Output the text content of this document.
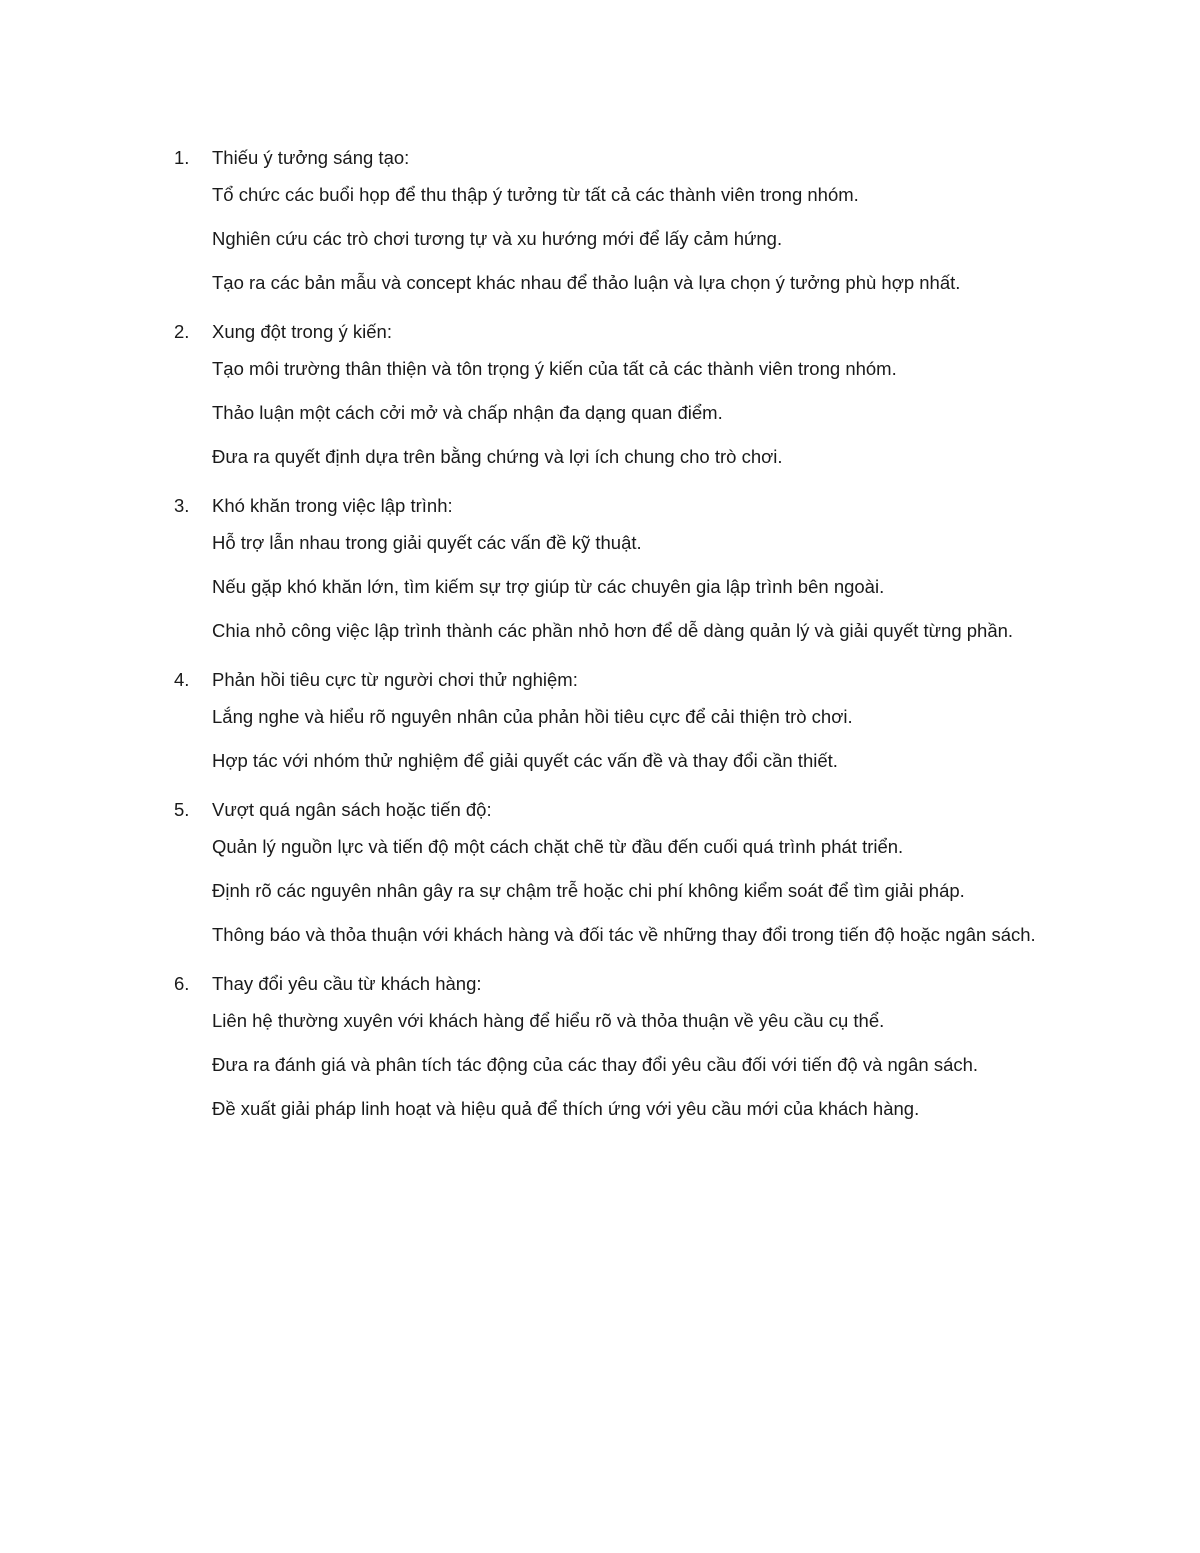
1. Thiếu ý tưởng sáng tạo:
Tổ chức các buổi họp để thu thập ý tưởng từ tất cả các thành viên trong nhóm.
Nghiên cứu các trò chơi tương tự và xu hướng mới để lấy cảm hứng.
Tạo ra các bản mẫu và concept khác nhau để thảo luận và lựa chọn ý tưởng phù hợp nhất.
2. Xung đột trong ý kiến:
Tạo môi trường thân thiện và tôn trọng ý kiến của tất cả các thành viên trong nhóm.
Thảo luận một cách cởi mở và chấp nhận đa dạng quan điểm.
Đưa ra quyết định dựa trên bằng chứng và lợi ích chung cho trò chơi.
3. Khó khăn trong việc lập trình:
Hỗ trợ lẫn nhau trong giải quyết các vấn đề kỹ thuật.
Nếu gặp khó khăn lớn, tìm kiếm sự trợ giúp từ các chuyên gia lập trình bên ngoài.
Chia nhỏ công việc lập trình thành các phần nhỏ hơn để dễ dàng quản lý và giải quyết từng phần.
4. Phản hồi tiêu cực từ người chơi thử nghiệm:
Lắng nghe và hiểu rõ nguyên nhân của phản hồi tiêu cực để cải thiện trò chơi.
Hợp tác với nhóm thử nghiệm để giải quyết các vấn đề và thay đổi cần thiết.
5. Vượt quá ngân sách hoặc tiến độ:
Quản lý nguồn lực và tiến độ một cách chặt chẽ từ đầu đến cuối quá trình phát triển.
Định rõ các nguyên nhân gây ra sự chậm trễ hoặc chi phí không kiểm soát để tìm giải pháp.
Thông báo và thỏa thuận với khách hàng và đối tác về những thay đổi trong tiến độ hoặc ngân sách.
6. Thay đổi yêu cầu từ khách hàng:
Liên hệ thường xuyên với khách hàng để hiểu rõ và thỏa thuận về yêu cầu cụ thể.
Đưa ra đánh giá và phân tích tác động của các thay đổi yêu cầu đối với tiến độ và ngân sách.
Đề xuất giải pháp linh hoạt và hiệu quả để thích ứng với yêu cầu mới của khách hàng.
